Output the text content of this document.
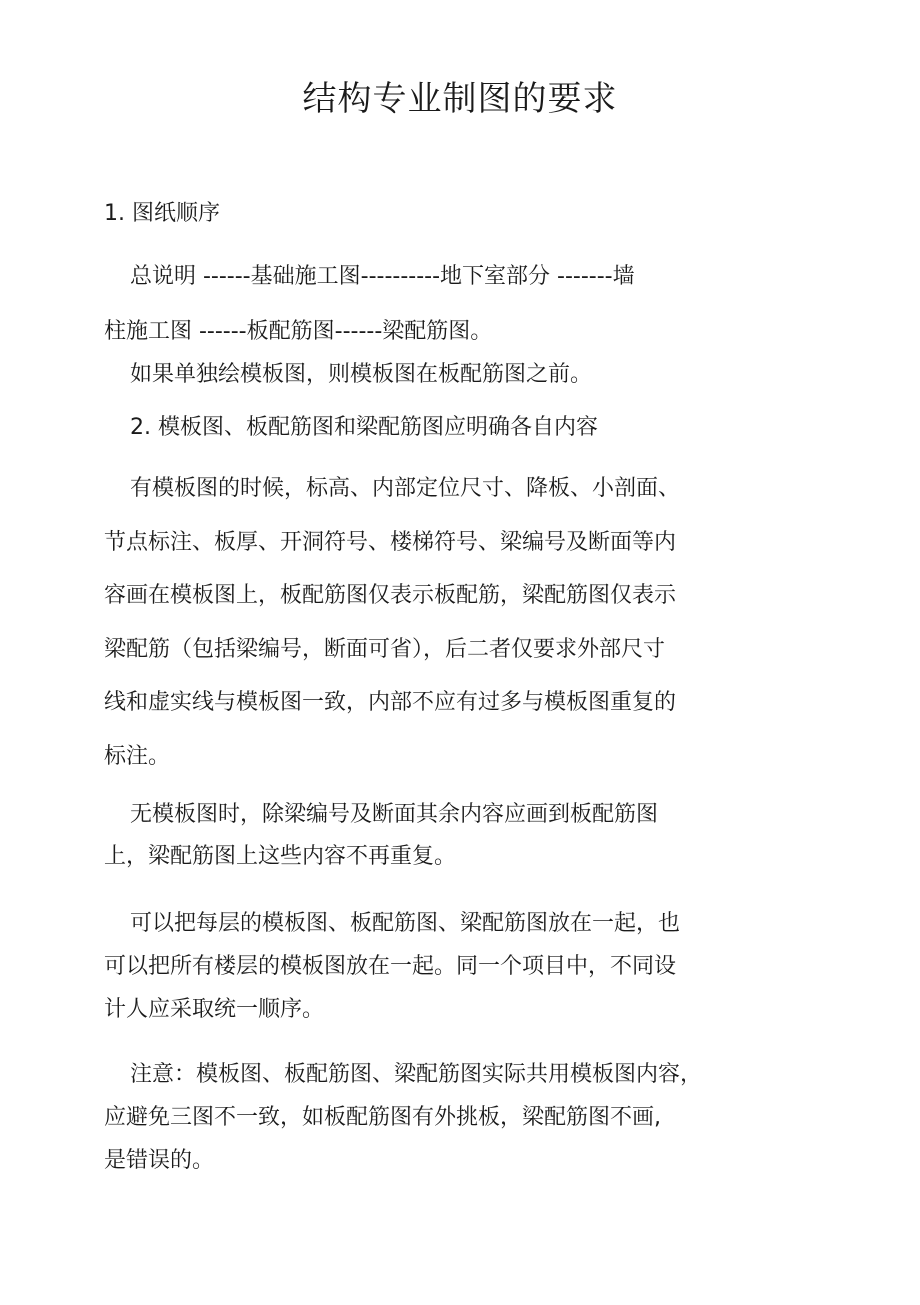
结构专业制图的要求
1. 图纸顺序
总说明 ------基础施工图----------地下室部分 -------墙
柱施工图 ------板配筋图------梁配筋图。
如果单独绘模板图，则模板图在板配筋图之前。
2. 模板图、板配筋图和梁配筋图应明确各自内容
有模板图的时候，标高、内部定位尺寸、降板、小剖面、
节点标注、板厚、开洞符号、楼梯符号、梁编号及断面等内
容画在模板图上，板配筋图仅表示板配筋，梁配筋图仅表示
梁配筋（包括梁编号，断面可省），后二者仅要求外部尺寸
线和虚实线与模板图一致，内部不应有过多与模板图重复的
标注。
无模板图时，除梁编号及断面其余内容应画到板配筋图
上，梁配筋图上这些内容不再重复。
可以把每层的模板图、板配筋图、梁配筋图放在一起，也
可以把所有楼层的模板图放在一起。同一个项目中，不同设
计人应采取统一顺序。
注意：模板图、板配筋图、梁配筋图实际共用模板图内容，
应避免三图不一致，如板配筋图有外挑板，梁配筋图不画,
是错误的。
